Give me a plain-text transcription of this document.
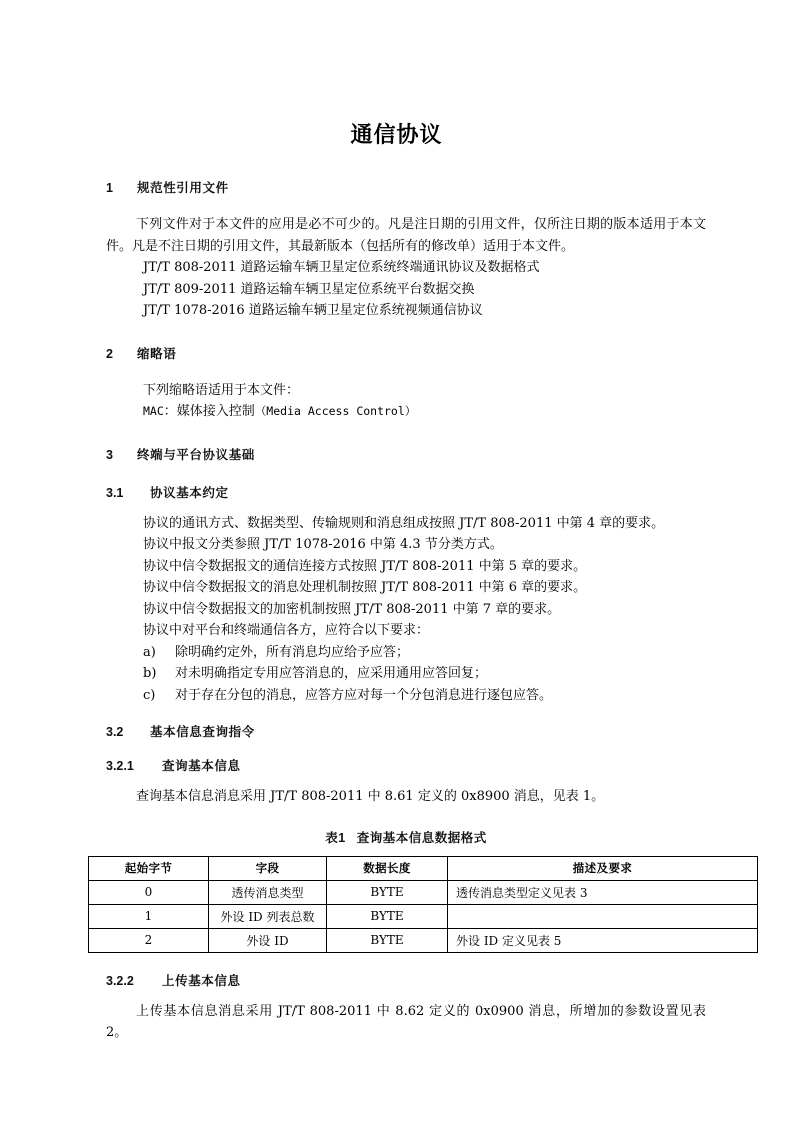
通信协议
1	规范性引用文件

下列文件对于本文件的应用是必不可少的。凡是注日期的引用文件，仅所注日期的版本适用于本文件。凡是不注日期的引用文件，其最新版本（包括所有的修改单）适用于本文件。

JT/T 808-2011 道路运输车辆卫星定位系统终端通讯协议及数据格式
JT/T 809-2011 道路运输车辆卫星定位系统平台数据交换
JT/T 1078-2016 道路运输车辆卫星定位系统视频通信协议
2	缩略语
下列缩略语适用于本文件：
MAC：媒体接入控制（Media Access Control）
3	终端与平台协议基础
3.1	协议基本约定
协议的通讯方式、数据类型、传输规则和消息组成按照 JT/T 808-2011 中第 4 章的要求。
协议中报文分类参照 JT/T 1078-2016 中第 4.3 节分类方式。
协议中信令数据报文的通信连接方式按照 JT/T 808-2011 中第 5 章的要求。
协议中信令数据报文的消息处理机制按照 JT/T 808-2011 中第 6 章的要求。
协议中信令数据报文的加密机制按照 JT/T 808-2011 中第 7 章的要求。
协议中对平台和终端通信各方，应符合以下要求：
a)	除明确约定外，所有消息均应给予应答；
b)	对未明确指定专用应答消息的，应采用通用应答回复；
c)	对于存在分包的消息，应答方应对每一个分包消息进行逐包应答。
3.2	基本信息查询指令
3.2.1	查询基本信息

查询基本信息消息采用 JT/T 808-2011 中 8.61 定义的 0x8900 消息，见表 1。

表1 查询基本信息数据格式
起始字节	字段	数据长度	描述及要求
0	透传消息类型	BYTE	透传消息类型定义见表 3
1	外设 ID 列表总数	BYTE	
2	外设 ID	BYTE	外设 ID 定义见表 5
3.2.2	上传基本信息

上传基本信息消息采用 JT/T 808-2011 中 8.62 定义的 0x0900 消息，所增加的参数设置见表 2。
